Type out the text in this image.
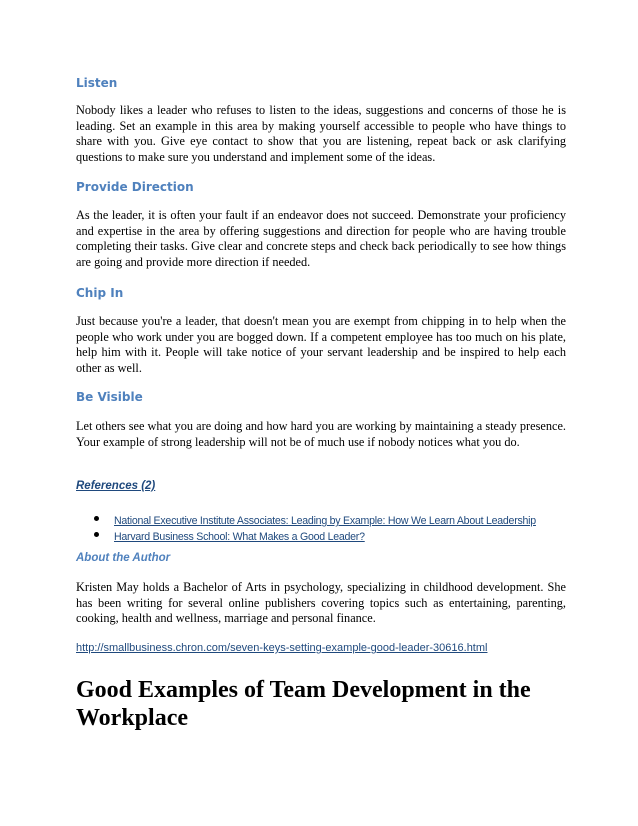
Listen
Nobody likes a leader who refuses to listen to the ideas, suggestions and concerns of those he is leading. Set an example in this area by making yourself accessible to people who have things to share with you. Give eye contact to show that you are listening, repeat back or ask clarifying questions to make sure you understand and implement some of the ideas.
Provide Direction
As the leader, it is often your fault if an endeavor does not succeed. Demonstrate your proficiency and expertise in the area by offering suggestions and direction for people who are having trouble completing their tasks. Give clear and concrete steps and check back periodically to see how things are going and provide more direction if needed.
Chip In
Just because you're a leader, that doesn't mean you are exempt from chipping in to help when the people who work under you are bogged down. If a competent employee has too much on his plate, help him with it. People will take notice of your servant leadership and be inspired to help each other as well.
Be Visible
Let others see what you are doing and how hard you are working by maintaining a steady presence. Your example of strong leadership will not be of much use if nobody notices what you do.
References (2)
National Executive Institute Associates: Leading by Example: How We Learn About Leadership
Harvard Business School: What Makes a Good Leader?
About the Author
Kristen May holds a Bachelor of Arts in psychology, specializing in childhood development. She has been writing for several online publishers covering topics such as entertaining, parenting, cooking, health and wellness, marriage and personal finance.
http://smallbusiness.chron.com/seven-keys-setting-example-good-leader-30616.html
Good Examples of Team Development in the Workplace
